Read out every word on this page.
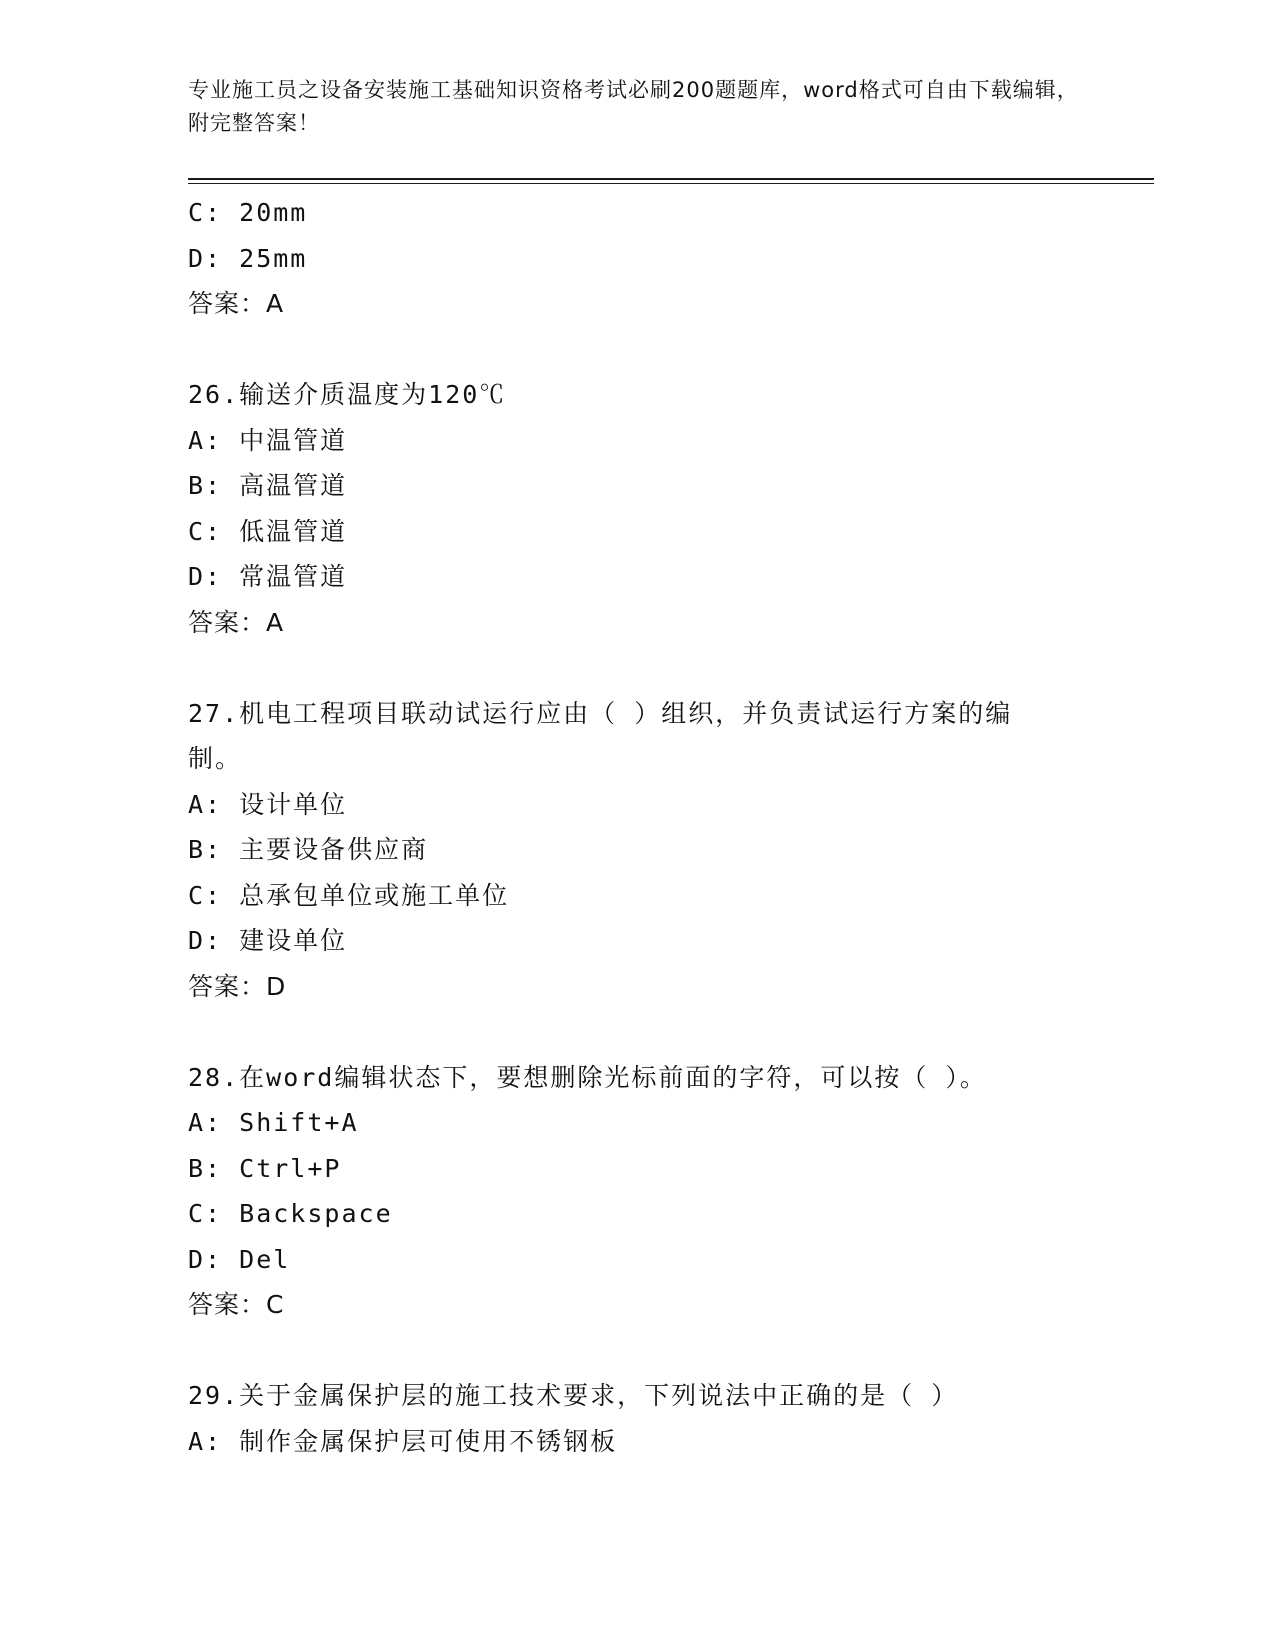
专业施工员之设备安装施工基础知识资格考试必刷200题题库，word格式可自由下载编辑，附完整答案！
C: 20mm
D: 25mm
答案：A
26.输送介质温度为120℃
A: 中温管道
B: 高温管道
C: 低温管道
D: 常温管道
答案：A
27.机电工程项目联动试运行应由（ ）组织，并负责试运行方案的编
制。
A: 设计单位
B: 主要设备供应商
C: 总承包单位或施工单位
D: 建设单位
答案：D
28.在word编辑状态下，要想删除光标前面的字符，可以按（ ）。
A: Shift+A
B: Ctrl+P
C: Backspace
D: Del
答案：C
29.关于金属保护层的施工技术要求，下列说法中正确的是（ ）
A: 制作金属保护层可使用不锈钢板
